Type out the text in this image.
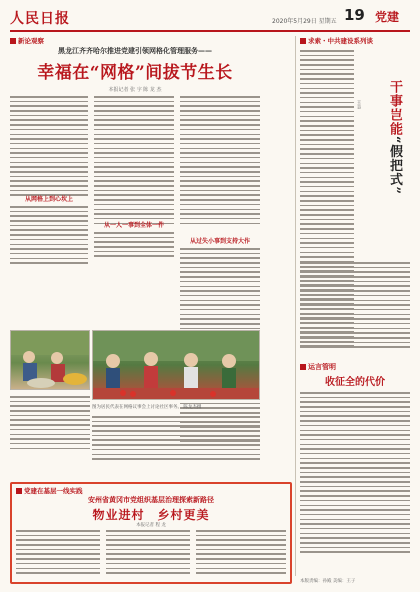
人民日报	2020年5月29日 星期五 19 党建
新论观察
黑龙江齐齐哈尔推进党建引领网格化管理服务——
幸福在“网格”间拔节生长
本报记者 张 宇 陈 龙 杰
从网格上到心坎上
从一人一事到全体一件
从过失小事到支持大作
图为居民代表在网格议事会上讨论社区事务。 陈龙杰摄
求索・中共建设系列谈
干事岂能“假把式”
王志
运言管明
收征全的代价
本版责编：孙殿 美编：王子
党建在基层一线实践
安州省黄冈市党组织基层治理探索新路径
物业进村　乡村更美
本报记者 程 龙
